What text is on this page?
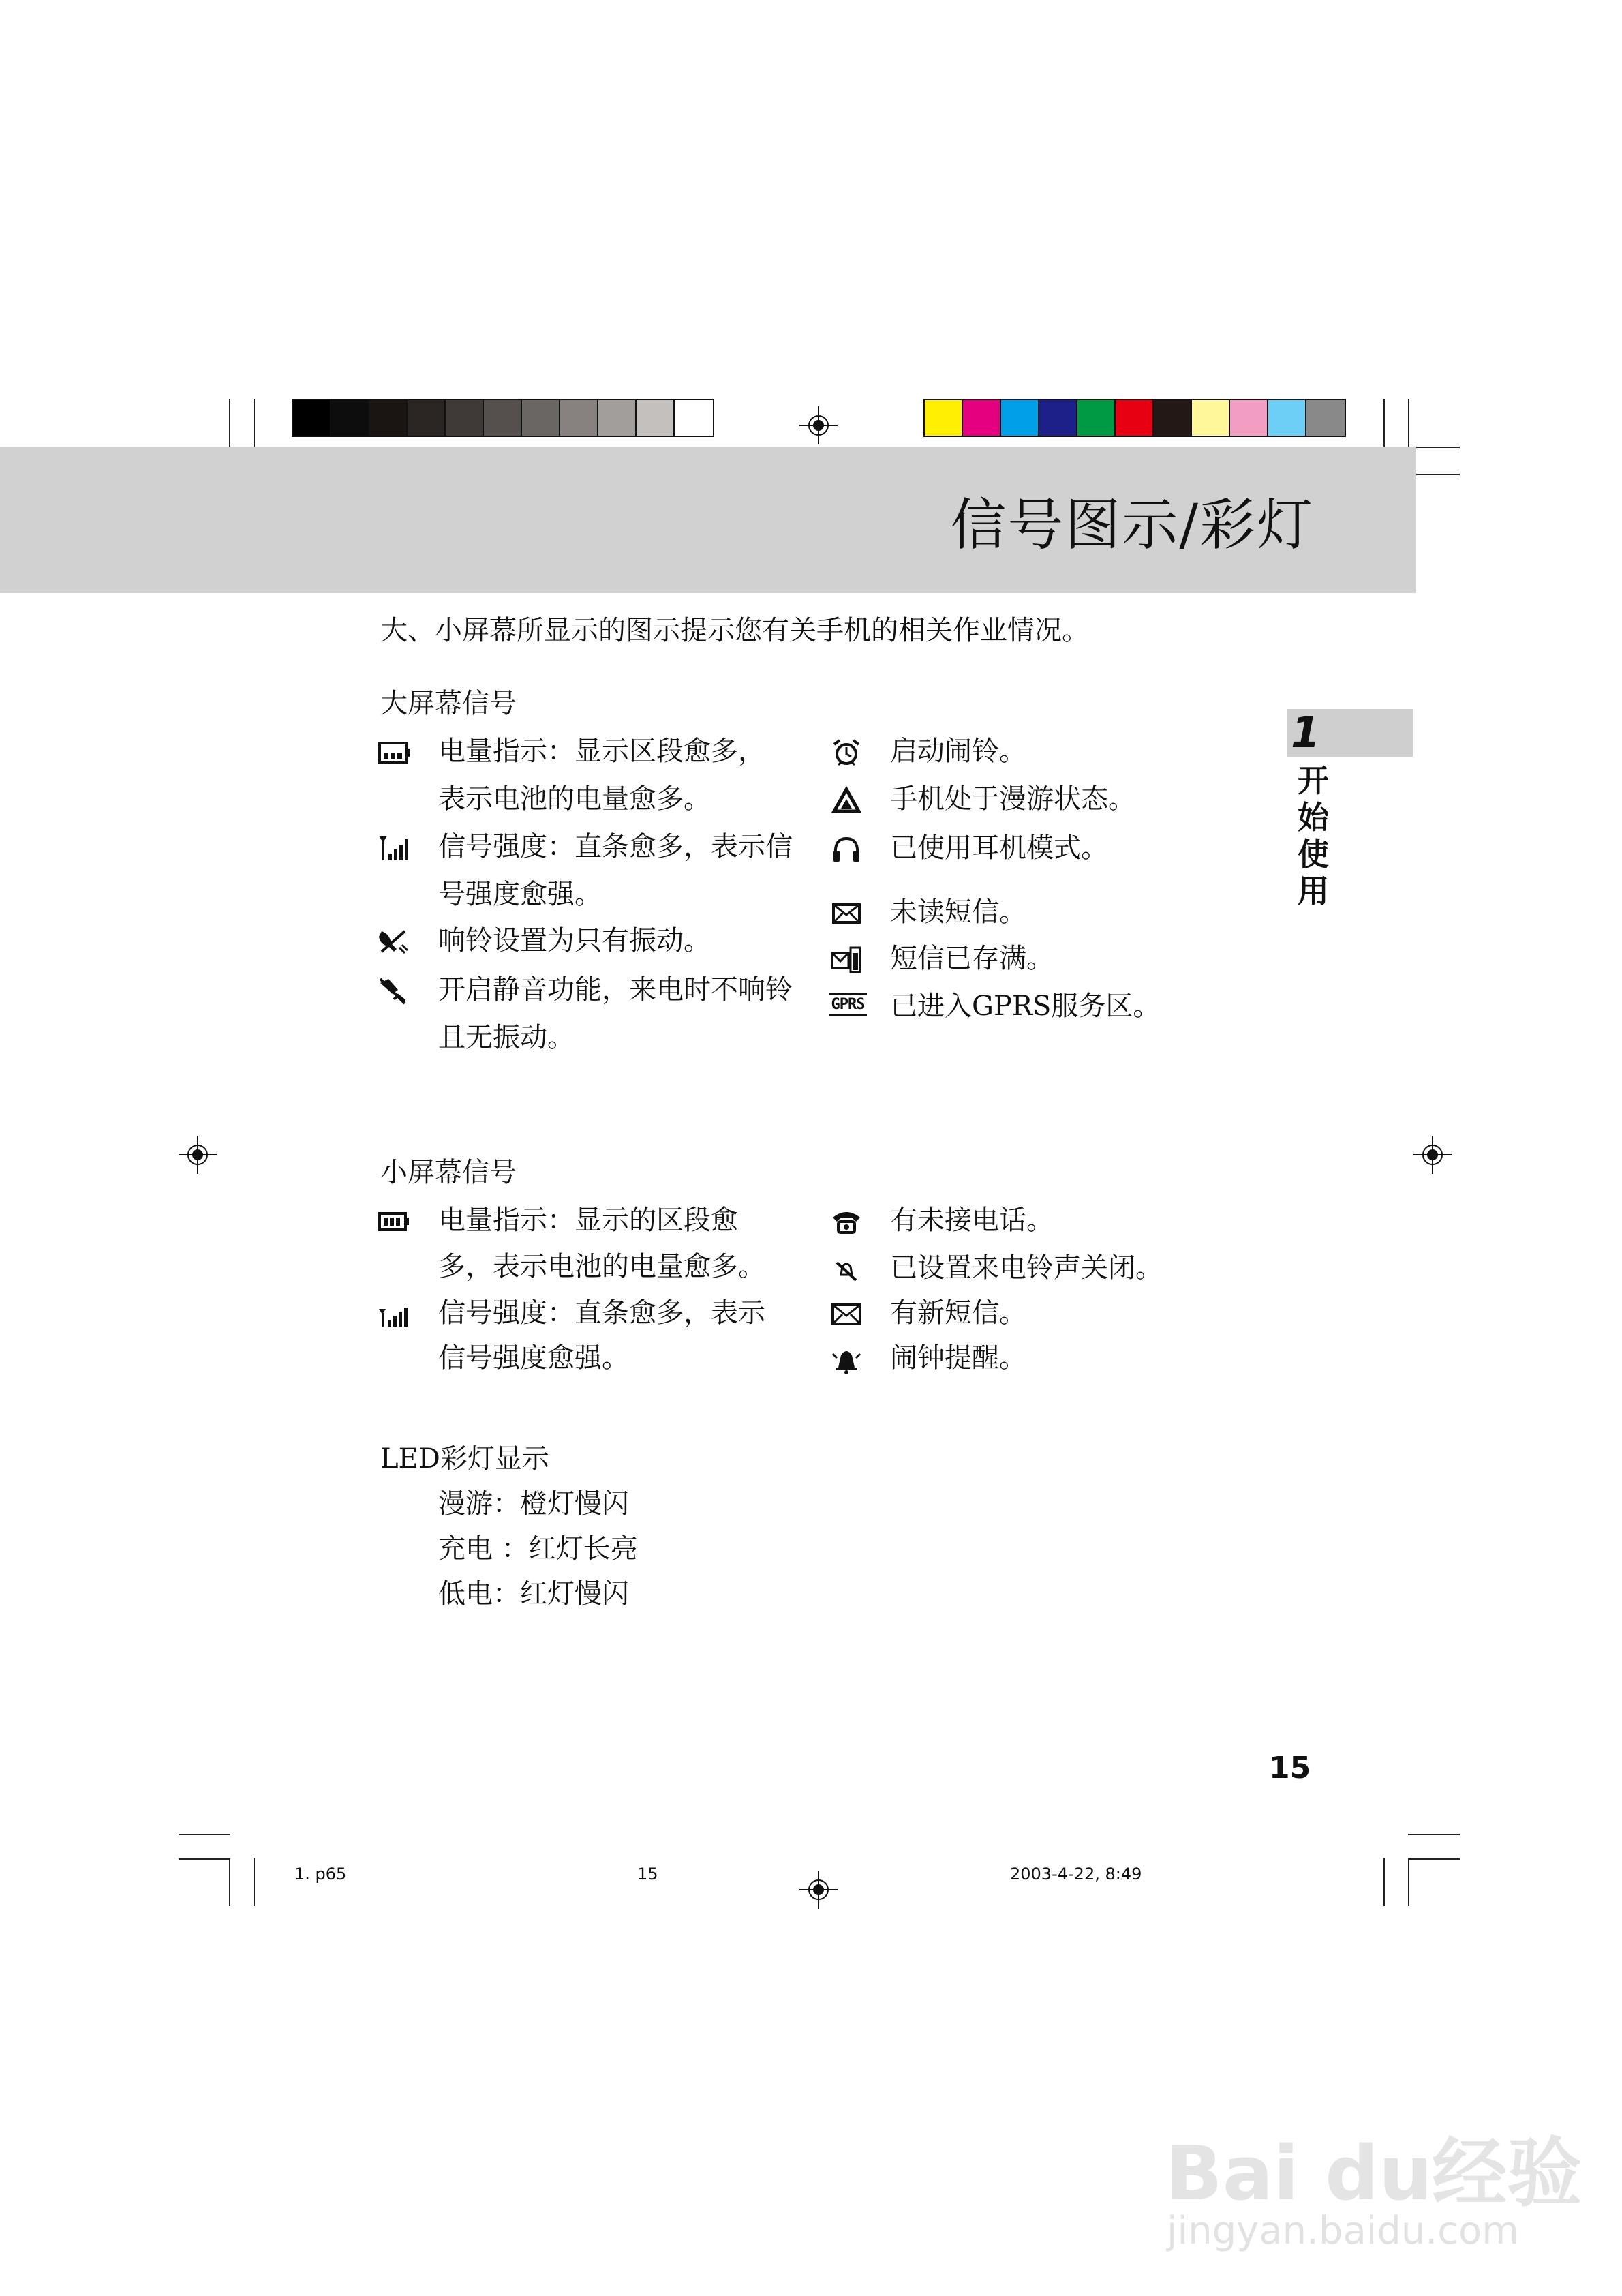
信号图示/彩灯
大、小屏幕所显示的图示提示您有关手机的相关作业情况。
大屏幕信号
电量指示：显示区段愈多，
表示电池的电量愈多。
信号强度：直条愈多，表示信
号强度愈强。
响铃设置为只有振动。
开启静音功能，来电时不响铃
且无振动。
启动闹铃。
手机处于漫游状态。
已使用耳机模式。
未读短信。
短信已存满。
GPRS 已进入GPRS服务区。
小屏幕信号
电量指示：显示的区段愈
多，表示电池的电量愈多。
信号强度：直条愈多，表示
信号强度愈强。
有未接电话。
已设置来电铃声关闭。
有新短信。
闹钟提醒。
LED彩灯显示
漫游：橙灯慢闪
充电 ：红灯长亮
低电：红灯慢闪
1
开始使用
15
1. p65	15	2003-4-22, 8:49
Bai du经验
jingyan.baidu.com
